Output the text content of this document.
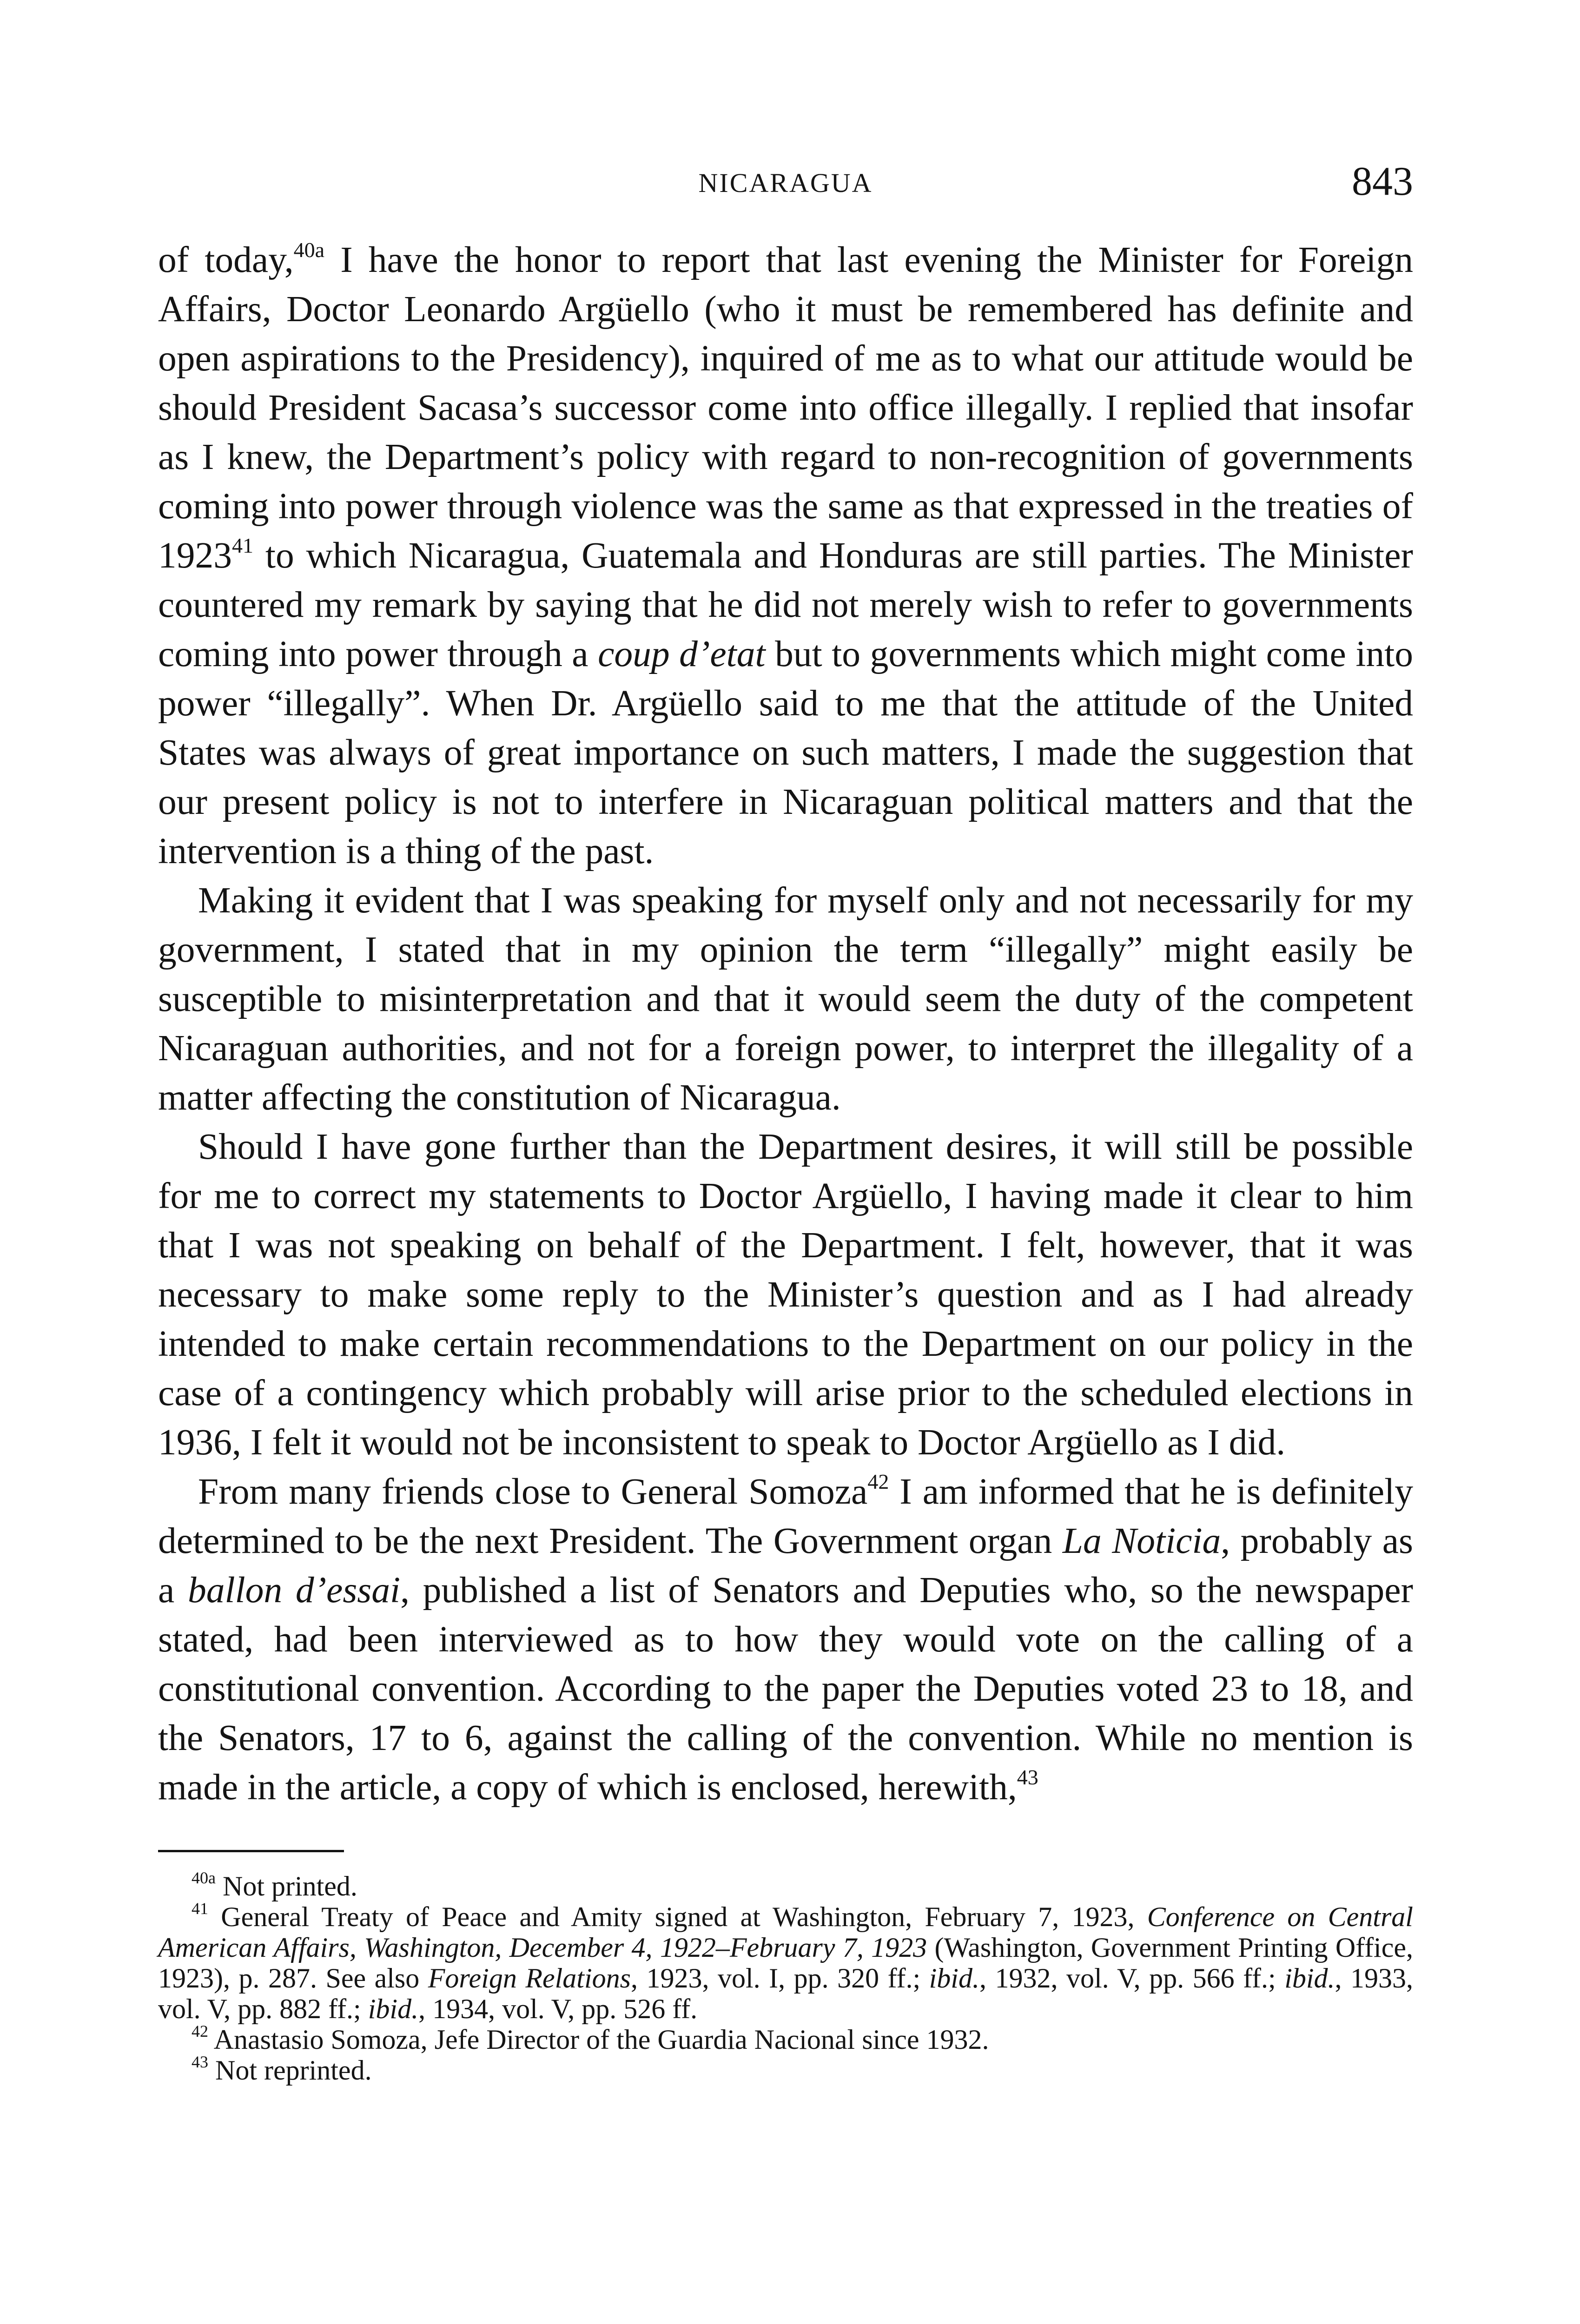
NICARAGUA	843

of today,$^{40a}$ I have the honor to report that last evening the Minister for Foreign Affairs, Doctor Leonardo Argüello (who it must be remembered has definite and open aspirations to the Presidency), inquired of me as to what our attitude would be should President Sacasa’s successor come into office illegally. I replied that insofar as I knew, the Department’s policy with regard to non-recognition of governments coming into power through violence was the same as that expressed in the treaties of 1923$^{41}$ to which Nicaragua, Guatemala and Honduras are still parties. The Minister countered my remark by saying that he did not merely wish to refer to governments coming into power through a coup d’etat but to governments which might come into power “illegally”. When Dr. Argüello said to me that the attitude of the United States was always of great importance on such matters, I made the suggestion that our present policy is not to interfere in Nicaraguan political matters and that the intervention is a thing of the past.

Making it evident that I was speaking for myself only and not necessarily for my government, I stated that in my opinion the term “illegally” might easily be susceptible to misinterpretation and that it would seem the duty of the competent Nicaraguan authorities, and not for a foreign power, to interpret the illegality of a matter affecting the constitution of Nicaragua.

Should I have gone further than the Department desires, it will still be possible for me to correct my statements to Doctor Argüello, I having made it clear to him that I was not speaking on behalf of the Department. I felt, however, that it was necessary to make some reply to the Minister’s question and as I had already intended to make certain recommendations to the Department on our policy in the case of a contingency which probably will arise prior to the scheduled elections in 1936, I felt it would not be inconsistent to speak to Doctor Argüello as I did.

From many friends close to General Somoza$^{42}$ I am informed that he is definitely determined to be the next President. The Government organ La Noticia, probably as a ballon d’essai, published a list of Senators and Deputies who, so the newspaper stated, had been interviewed as to how they would vote on the calling of a constitutional convention. According to the paper the Deputies voted 23 to 18, and the Senators, 17 to 6, against the calling of the convention. While no mention is made in the article, a copy of which is enclosed, herewith,$^{43}$

$^{40a}$ Not printed.

$^{41}$ General Treaty of Peace and Amity signed at Washington, February 7, 1923, Conference on Central American Affairs, Washington, December 4, 1922–February 7, 1923 (Washington, Government Printing Office, 1923), p. 287. See also Foreign Relations, 1923, vol. I, pp. 320 ff.; ibid., 1932, vol. V, pp. 566 ff.; ibid., 1933, vol. V, pp. 882 ff.; ibid., 1934, vol. V, pp. 526 ff.

$^{42}$ Anastasio Somoza, Jefe Director of the Guardia Nacional since 1932.

$^{43}$ Not reprinted.
